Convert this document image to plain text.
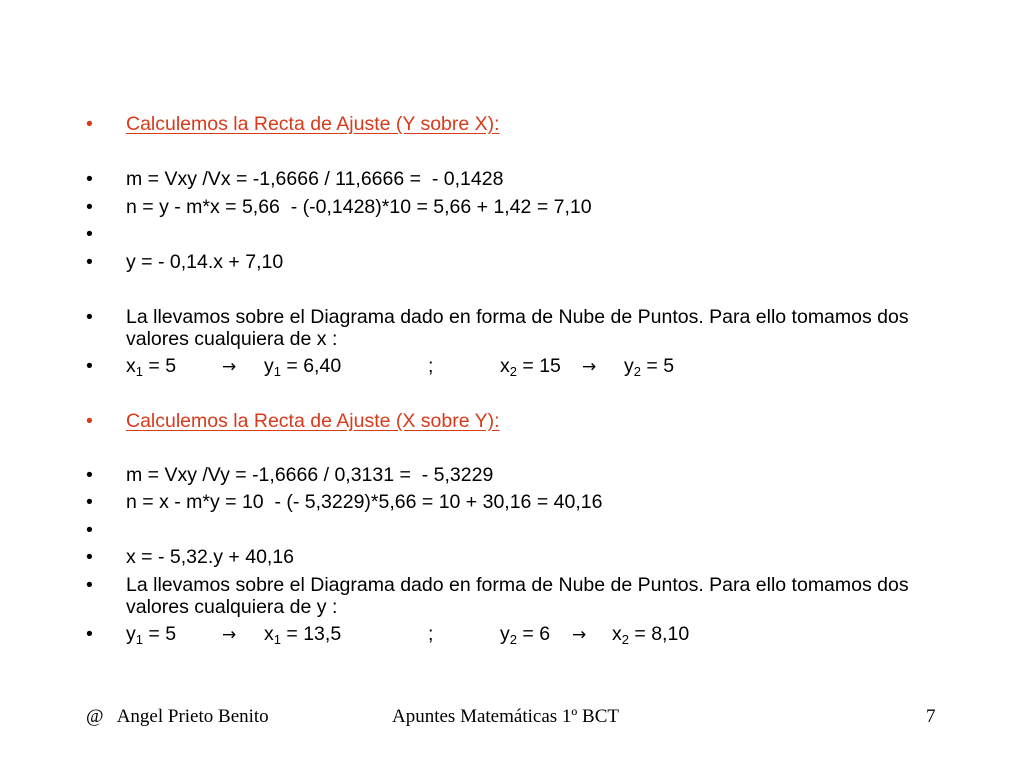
•	Calculemos la Recta de Ajuste (Y sobre X):
•	m = Vxy /Vx = -1,6666 / 11,6666 =  - 0,1428
•	n = y - m*x = 5,66  - (-0,1428)*10 = 5,66 + 1,42 = 7,10
•
•	y = - 0,14.x + 7,10
•	La llevamos sobre el Diagrama dado en forma de Nube de Puntos. Para ello tomamos dos valores cualquiera de x :
•	$x_1 = 5$	→	$y_1 = 6,40$	;	$x_2 = 15$	→	$y_2 = 5$
•	Calculemos la Recta de Ajuste (X sobre Y):
•	m = Vxy /Vy = -1,6666 / 0,3131 =  - 5,3229
•	n = x - m*y = 10  - (- 5,3229)*5,66 = 10 + 30,16 = 40,16
•
•	x = - 5,32.y + 40,16
•	La llevamos sobre el Diagrama dado en forma de Nube de Puntos. Para ello tomamos dos valores cualquiera de y :
•	$y_1 = 5$	→	$x_1 = 13,5$	;	$y_2 = 6$	→	$x_2 = 8,10$
@   Angel Prieto Benito	Apuntes Matemáticas 1º BCT	7
